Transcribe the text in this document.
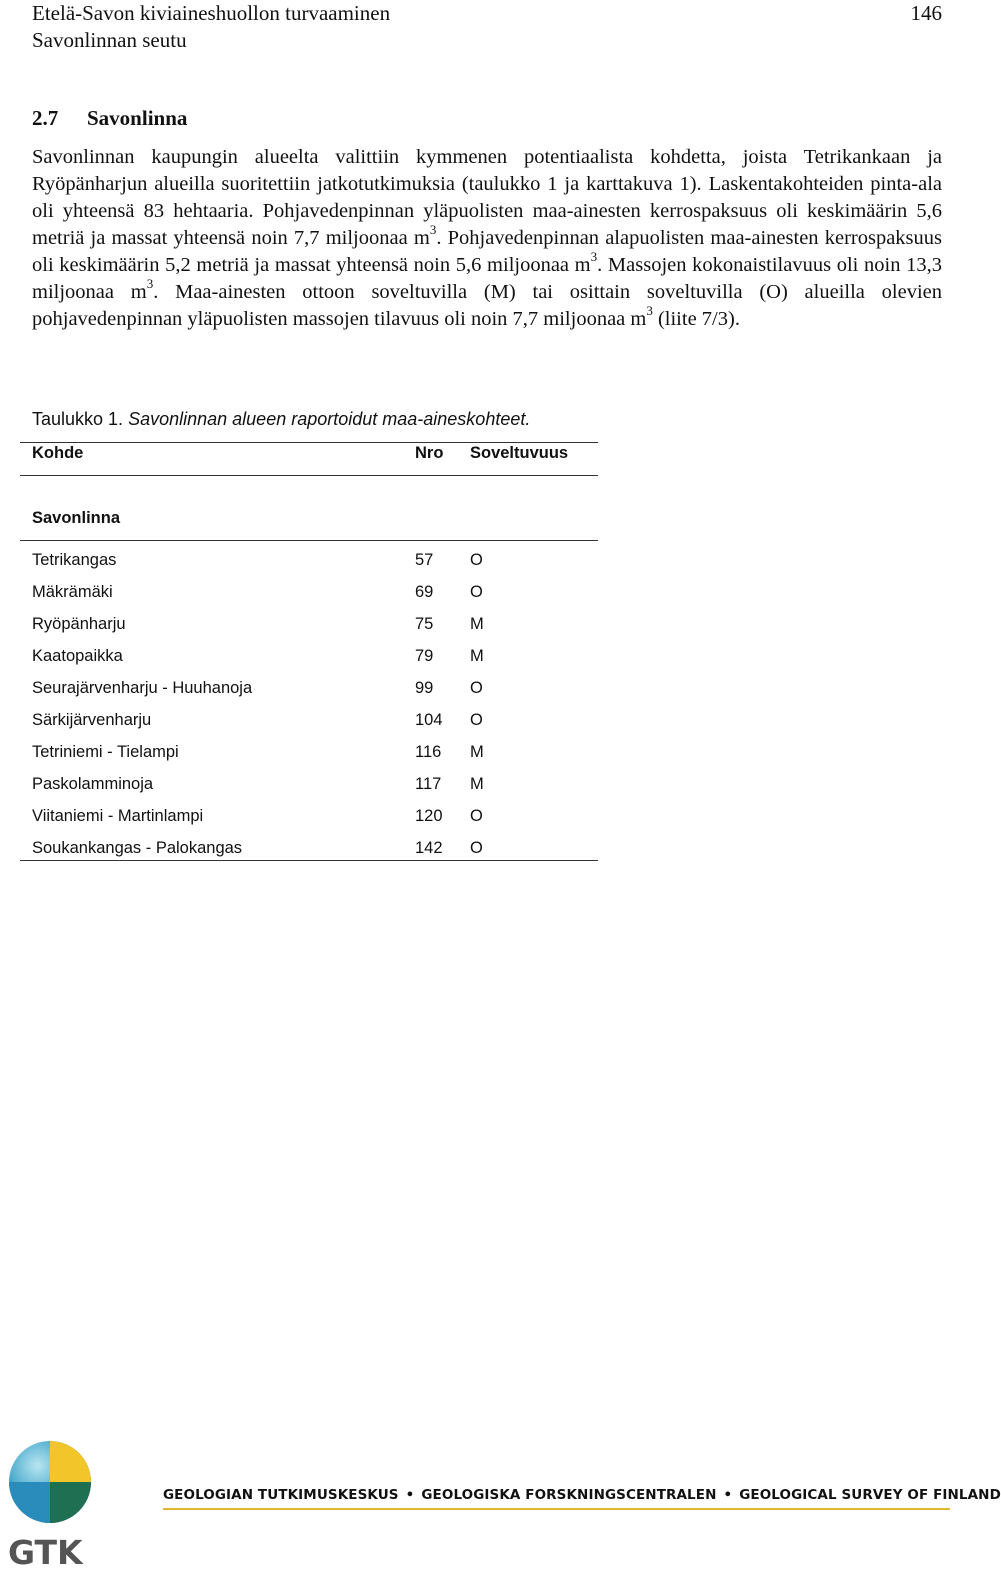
Etelä-Savon kiviaineshuollon turvaaminen
Savonlinnan seutu
146
2.7 Savonlinna
Savonlinnan kaupungin alueelta valittiin kymmenen potentiaalista kohdetta, joista Tetrikankaan ja Ryöpänharjun alueilla suoritettiin jatkotutkimuksia (taulukko 1 ja karttakuva 1). Laskentakohteiden pinta-ala oli yhteensä 83 hehtaaria. Pohjavedenpinnan yläpuolisten maa-ainesten kerrospaksuus oli keskimäärin 5,6 metriä ja massat yhteensä noin 7,7 miljoonaa $m^3$. Pohjavedenpinnan alapuolisten maa-ainesten kerrospaksuus oli keskimäärin 5,2 metriä ja massat yhteensä noin 5,6 miljoonaa $m^3$. Massojen kokonaistilavuus oli noin 13,3 miljoonaa $m^3$. Maa-ainesten ottoon soveltuvilla (M) tai osittain soveltuvilla (O) alueilla olevien pohjavedenpinnan yläpuolisten massojen tilavuus oli noin 7,7 miljoonaa $m^3$ (liite 7/3).
Taulukko 1. Savonlinnan alueen raportoidut maa-aineskohteet.
Kohde	Nro Soveltuvuus
Savonlinna
Tetrikangas	57 O
Mäkrämäki	69 O
Ryöpänharju	75 M
Kaatopaikka	79 M
Seurajärvenharju - Huuhanoja	99 O
Särkijärvenharju	104 O
Tetriniemi - Tielampi	116 M
Paskolamminoja	117 M
Viitaniemi - Martinlampi	120 O
Soukankangas - Palokangas	142 O
GTK
GEOLOGIAN TUTKIMUSKESKUS • GEOLOGISKA FORSKNINGSCENTRALEN • GEOLOGICAL SURVEY OF FINLAND
